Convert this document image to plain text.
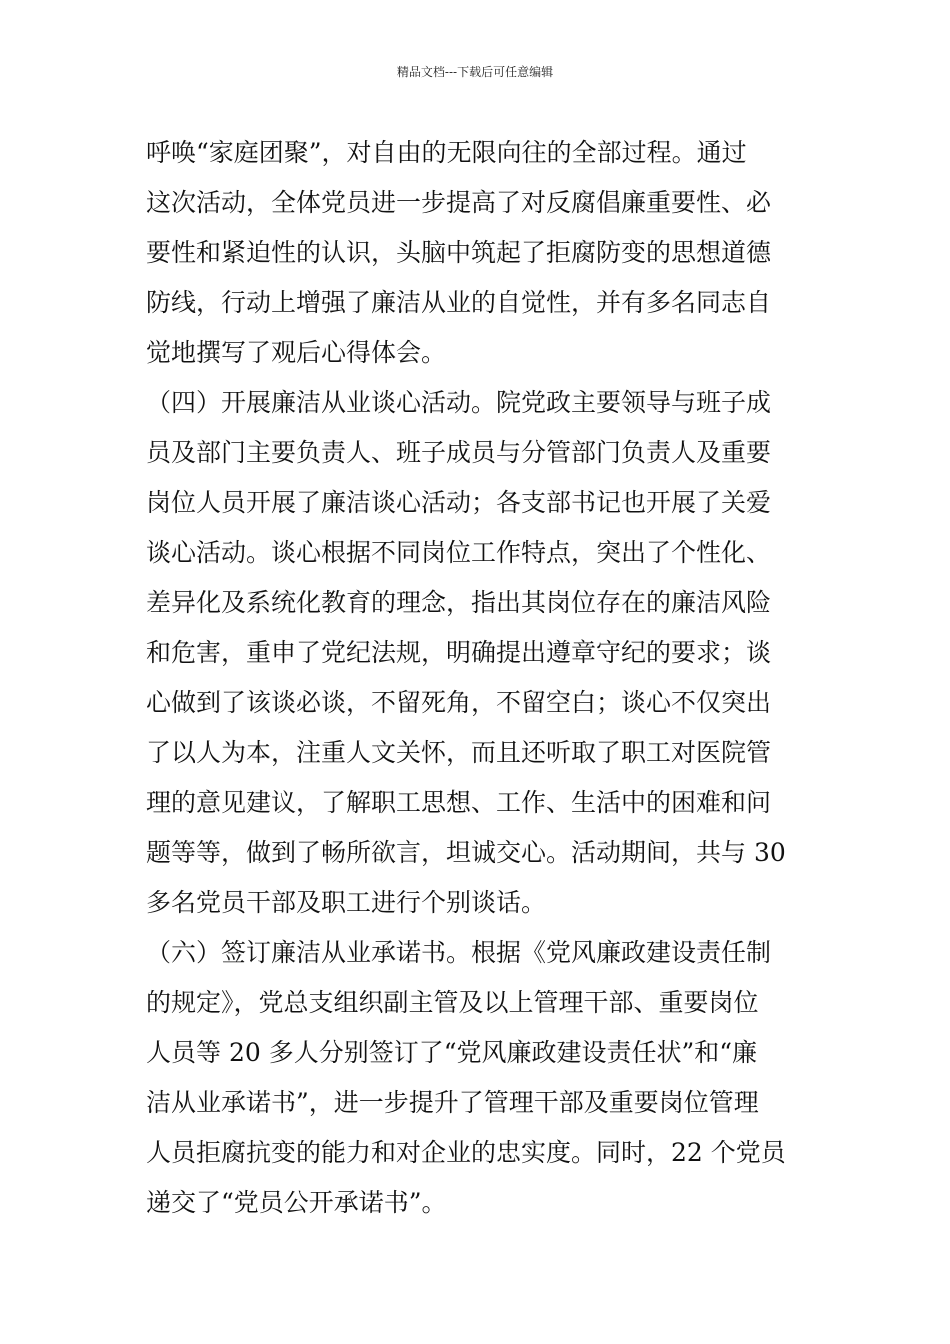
精品文档---下载后可任意编辑
呼唤“家庭团聚”，对自由的无限向往的全部过程。通过
这次活动，全体党员进一步提高了对反腐倡廉重要性、必
要性和紧迫性的认识，头脑中筑起了拒腐防变的思想道德
防线，行动上增强了廉洁从业的自觉性，并有多名同志自
觉地撰写了观后心得体会。
（四）开展廉洁从业谈心活动。院党政主要领导与班子成
员及部门主要负责人、班子成员与分管部门负责人及重要
岗位人员开展了廉洁谈心活动；各支部书记也开展了关爱
谈心活动。谈心根据不同岗位工作特点，突出了个性化、
差异化及系统化教育的理念，指出其岗位存在的廉洁风险
和危害，重申了党纪法规，明确提出遵章守纪的要求；谈
心做到了该谈必谈，不留死角，不留空白；谈心不仅突出
了以人为本，注重人文关怀，而且还听取了职工对医院管
理的意见建议，了解职工思想、工作、生活中的困难和问
题等等，做到了畅所欲言，坦诚交心。活动期间，共与 30
多名党员干部及职工进行个别谈话。
（六）签订廉洁从业承诺书。根据《党风廉政建设责任制
的规定》，党总支组织副主管及以上管理干部、重要岗位
人员等 20 多人分别签订了“党风廉政建设责任状”和“廉
洁从业承诺书”，进一步提升了管理干部及重要岗位管理
人员拒腐抗变的能力和对企业的忠实度。同时，22 个党员
递交了“党员公开承诺书”。
